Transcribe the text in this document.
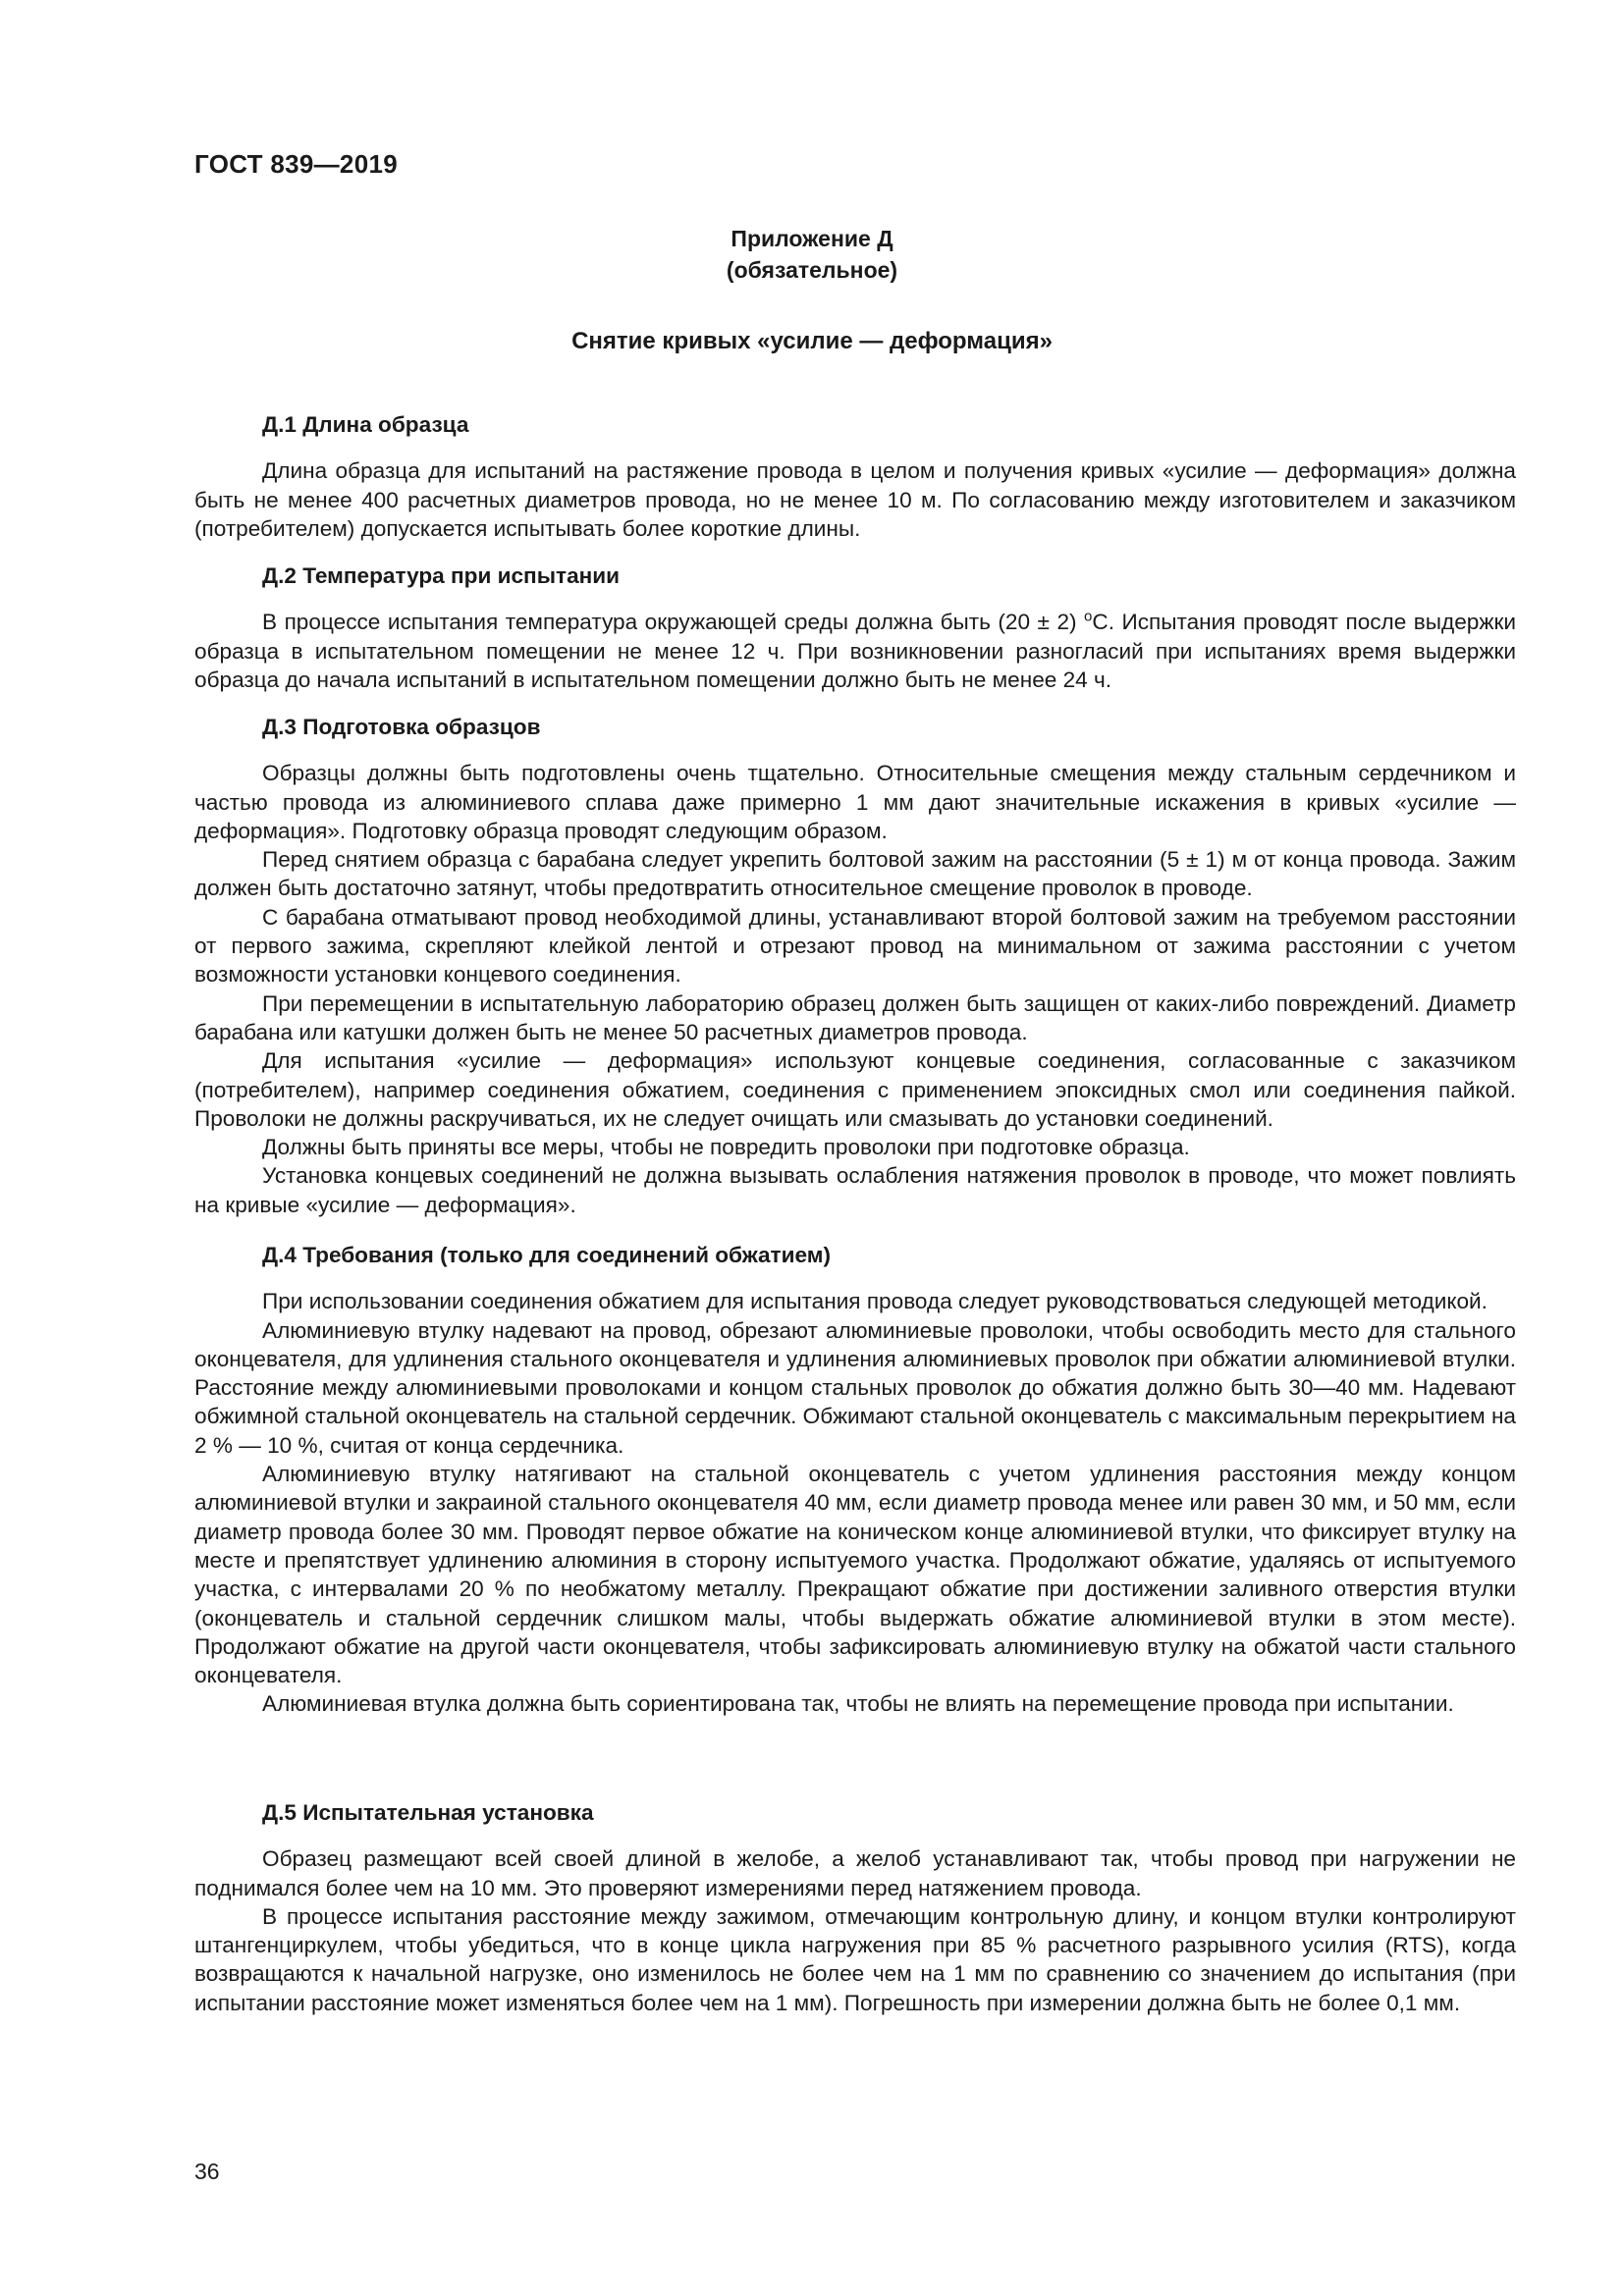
ГОСТ 839—2019
Приложение Д
(обязательное)
Снятие кривых «усилие — деформация»
Д.1 Длина образца

Длина образца для испытаний на растяжение провода в целом и получения кривых «усилие — деформация» должна быть не менее 400 расчетных диаметров провода, но не менее 10 м. По согласованию между изготовителем и заказчиком (потребителем) допускается испытывать более короткие длины.

Д.2 Температура при испытании

В процессе испытания температура окружающей среды должна быть (20 ± 2) $^о$С. Испытания проводят после выдержки образца в испытательном помещении не менее 12 ч. При возникновении разногласий при испытаниях время выдержки образца до начала испытаний в испытательном помещении должно быть не менее 24 ч.

Д.3 Подготовка образцов

Образцы должны быть подготовлены очень тщательно. Относительные смещения между стальным сердечником и частью провода из алюминиевого сплава даже примерно 1 мм дают значительные искажения в кривых «усилие — деформация». Подготовку образца проводят следующим образом.

Перед снятием образца с барабана следует укрепить болтовой зажим на расстоянии (5 ± 1) м от конца провода. Зажим должен быть достаточно затянут, чтобы предотвратить относительное смещение проволок в проводе.

С барабана отматывают провод необходимой длины, устанавливают второй болтовой зажим на требуемом расстоянии от первого зажима, скрепляют клейкой лентой и отрезают провод на минимальном от зажима расстоянии с учетом возможности установки концевого соединения.

При перемещении в испытательную лабораторию образец должен быть защищен от каких-либо повреждений. Диаметр барабана или катушки должен быть не менее 50 расчетных диаметров провода.

Для испытания «усилие — деформация» используют концевые соединения, согласованные с заказчиком (потребителем), например соединения обжатием, соединения с применением эпоксидных смол или соединения пайкой. Проволоки не должны раскручиваться, их не следует очищать или смазывать до установки соединений.

Должны быть приняты все меры, чтобы не повредить проволоки при подготовке образца.

Установка концевых соединений не должна вызывать ослабления натяжения проволок в проводе, что может повлиять на кривые «усилие — деформация».

Д.4 Требования (только для соединений обжатием)

При использовании соединения обжатием для испытания провода следует руководствоваться следующей методикой.

Алюминиевую втулку надевают на провод, обрезают алюминиевые проволоки, чтобы освободить место для стального оконцевателя, для удлинения стального оконцевателя и удлинения алюминиевых проволок при обжатии алюминиевой втулки. Расстояние между алюминиевыми проволоками и концом стальных проволок до обжатия должно быть 30—40 мм. Надевают обжимной стальной оконцеватель на стальной сердечник. Обжимают стальной оконцеватель с максимальным перекрытием на 2 % — 10 %, считая от конца сердечника.

Алюминиевую втулку натягивают на стальной оконцеватель с учетом удлинения расстояния между концом алюминиевой втулки и закраиной стального оконцевателя 40 мм, если диаметр провода менее или равен 30 мм, и 50 мм, если диаметр провода более 30 мм. Проводят первое обжатие на коническом конце алюминиевой втулки, что фиксирует втулку на месте и препятствует удлинению алюминия в сторону испытуемого участка. Продолжают обжатие, удаляясь от испытуемого участка, с интервалами 20 % по необжатому металлу. Прекращают обжатие при достижении заливного отверстия втулки (оконцеватель и стальной сердечник слишком малы, чтобы выдержать обжатие алюминиевой втулки в этом месте). Продолжают обжатие на другой части оконцевателя, чтобы зафиксировать алюминиевую втулку на обжатой части стального оконцевателя.

Алюминиевая втулка должна быть сориентирована так, чтобы не влиять на перемещение провода при испытании.

Д.5 Испытательная установка

Образец размещают всей своей длиной в желобе, а желоб устанавливают так, чтобы провод при нагружении не поднимался более чем на 10 мм. Это проверяют измерениями перед натяжением провода.

В процессе испытания расстояние между зажимом, отмечающим контрольную длину, и концом втулки контролируют штангенциркулем, чтобы убедиться, что в конце цикла нагружения при 85 % расчетного разрывного усилия (RTS), когда возвращаются к начальной нагрузке, оно изменилось не более чем на 1 мм по сравнению со значением до испытания (при испытании расстояние может изменяться более чем на 1 мм). Погрешность при измерении должна быть не более 0,1 мм.

36
